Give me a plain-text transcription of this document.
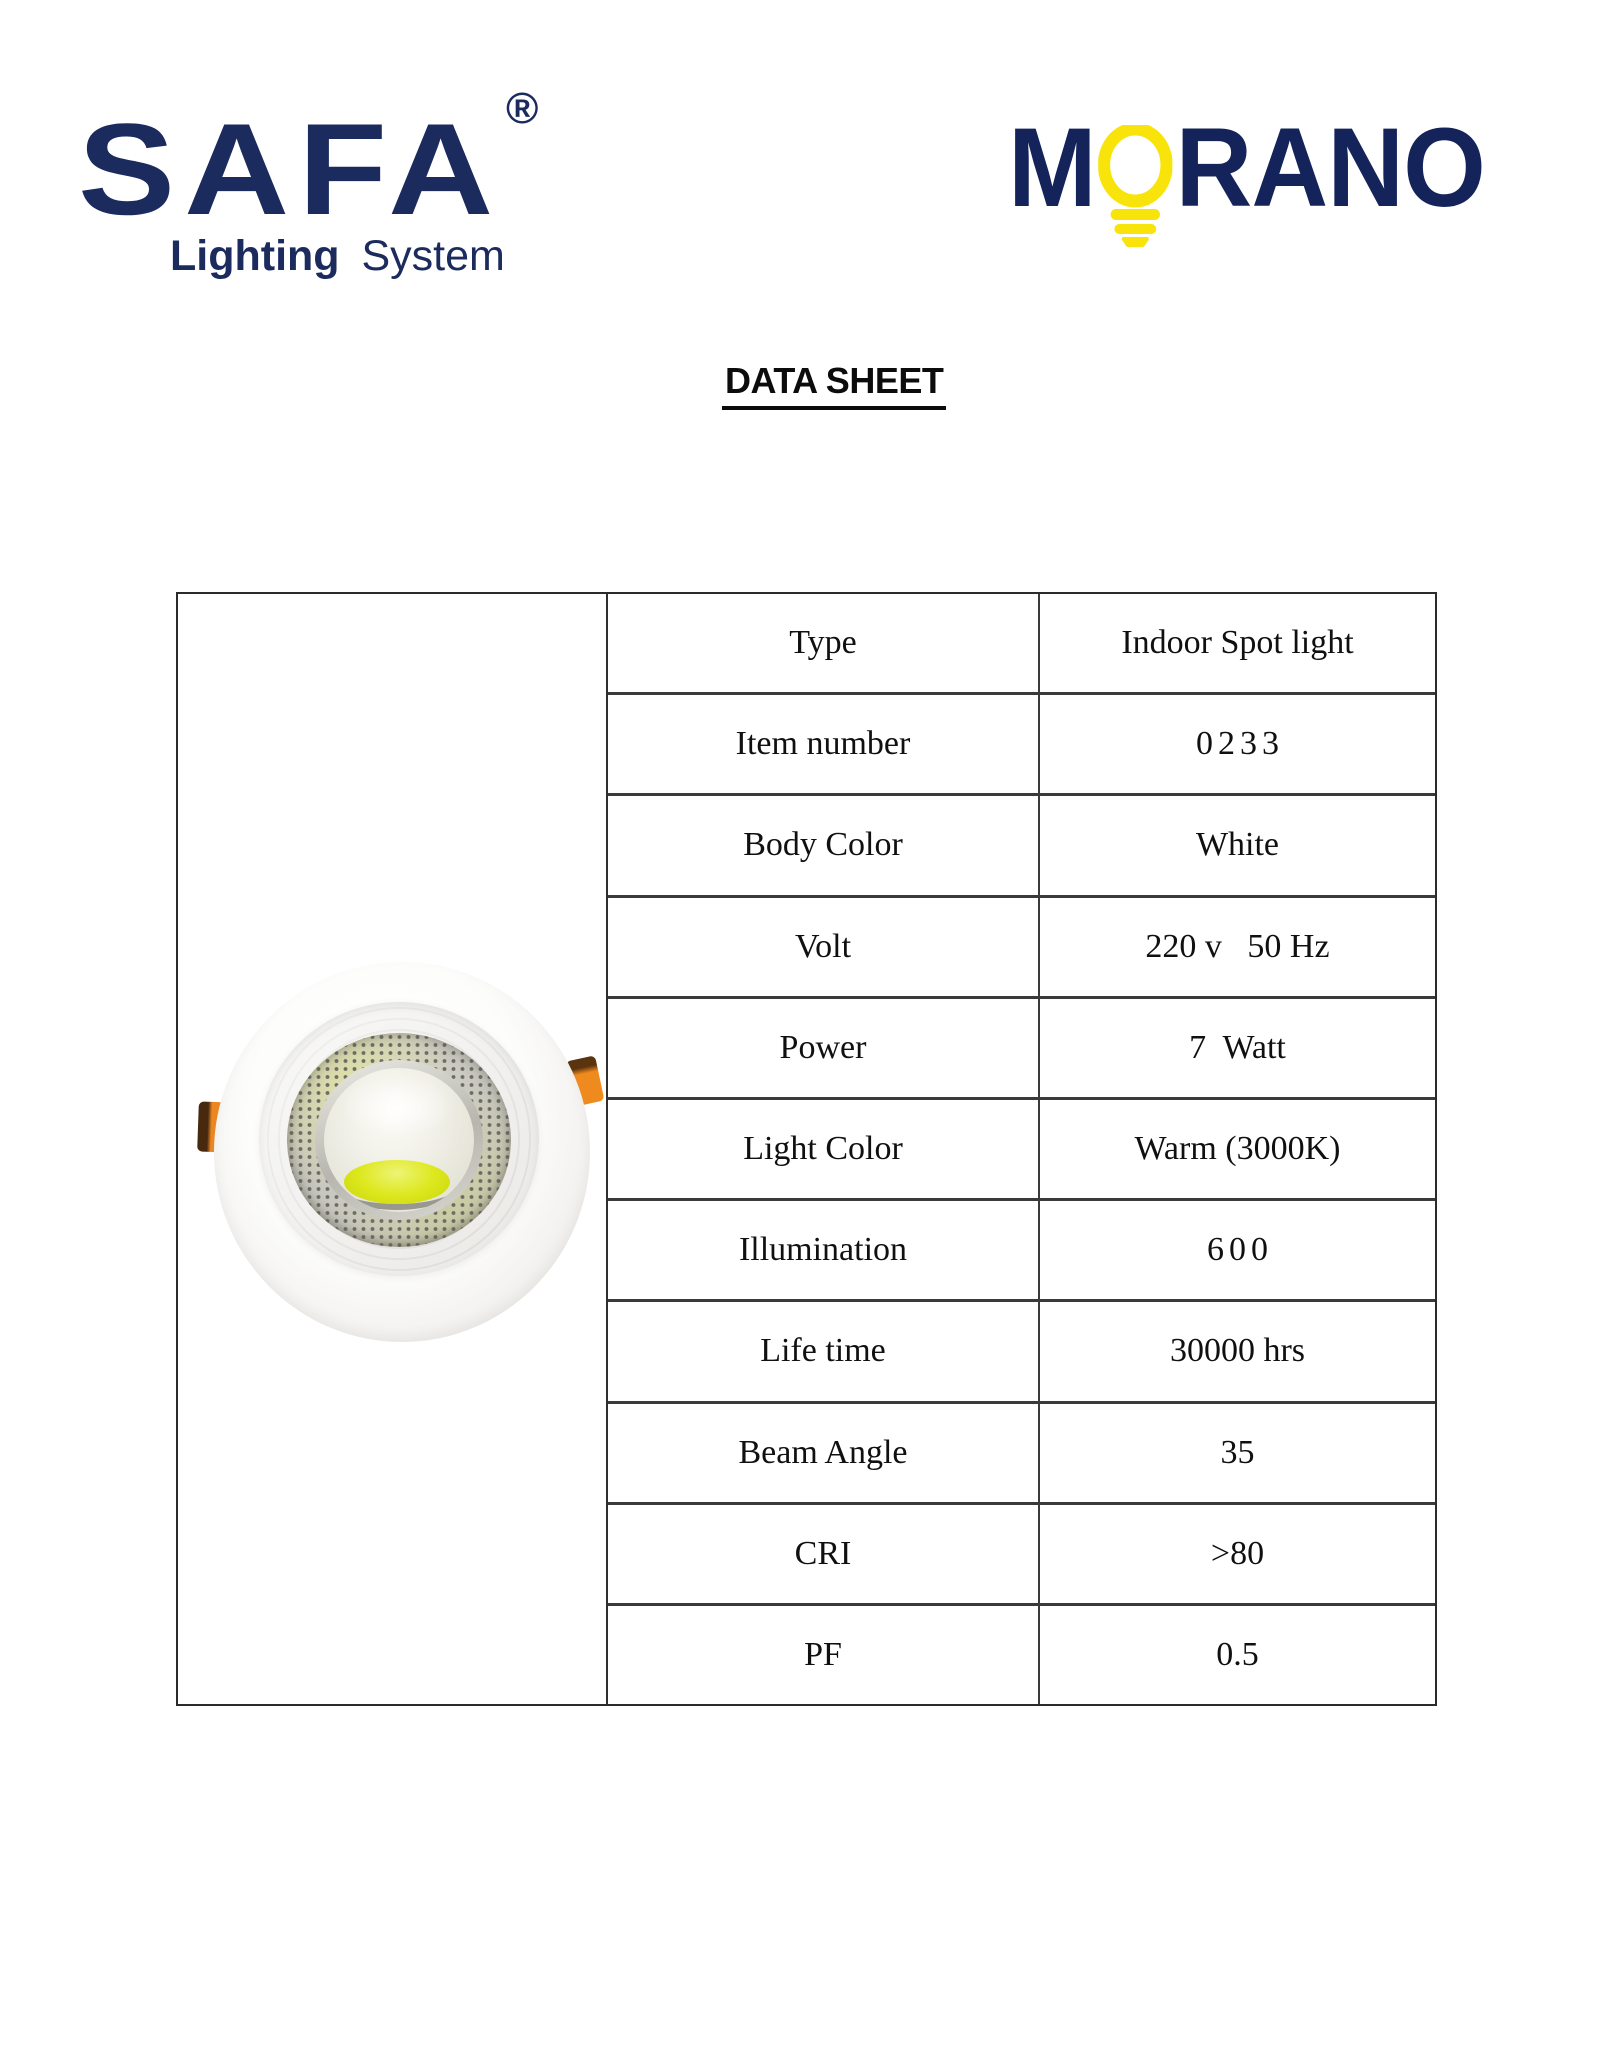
SAFA ®
Lighting System
M RANO
DATA SHEET
Type	Indoor Spot light
Item number	0233
Body Color	White
Volt	220 v   50 Hz
Power	7  Watt
Light Color	Warm (3000K)
Illumination	600
Life time	30000 hrs
Beam Angle	35
CRI	>80
PF	0.5
